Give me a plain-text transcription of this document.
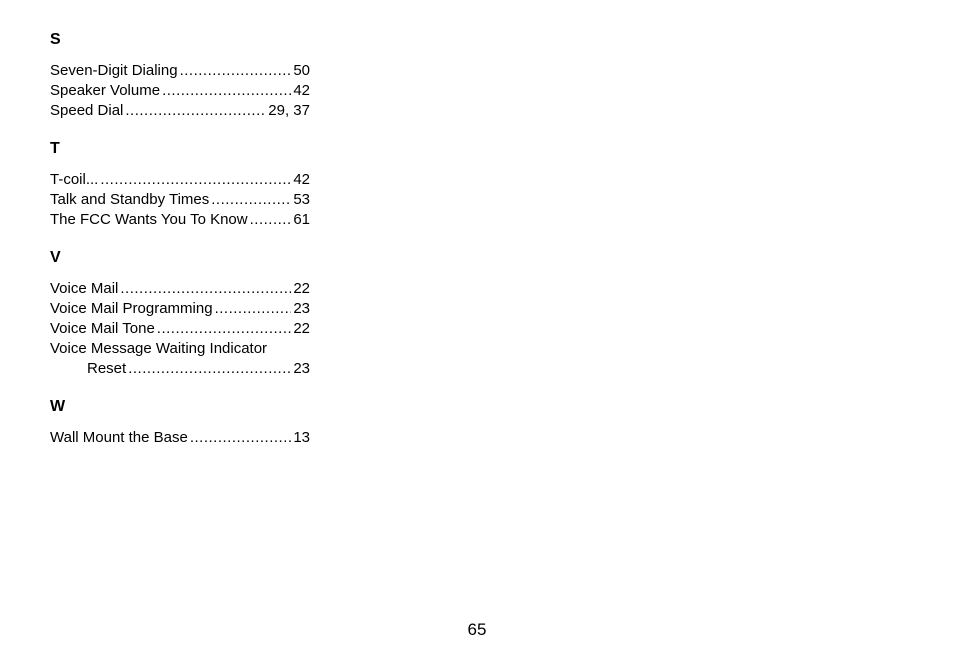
S
Seven-Digit Dialing .....	50
Speaker Volume .....	42
Speed Dial .....	29, 37
T
T-coil... .....	42
Talk and Standby Times .....	53
The FCC Wants You To Know .....	61
V
Voice Mail .....	22
Voice Mail Programming .....	23
Voice Mail Tone .....	22
Voice Message Waiting Indicator
Reset .....	23
W
Wall Mount the Base .....	13
65
